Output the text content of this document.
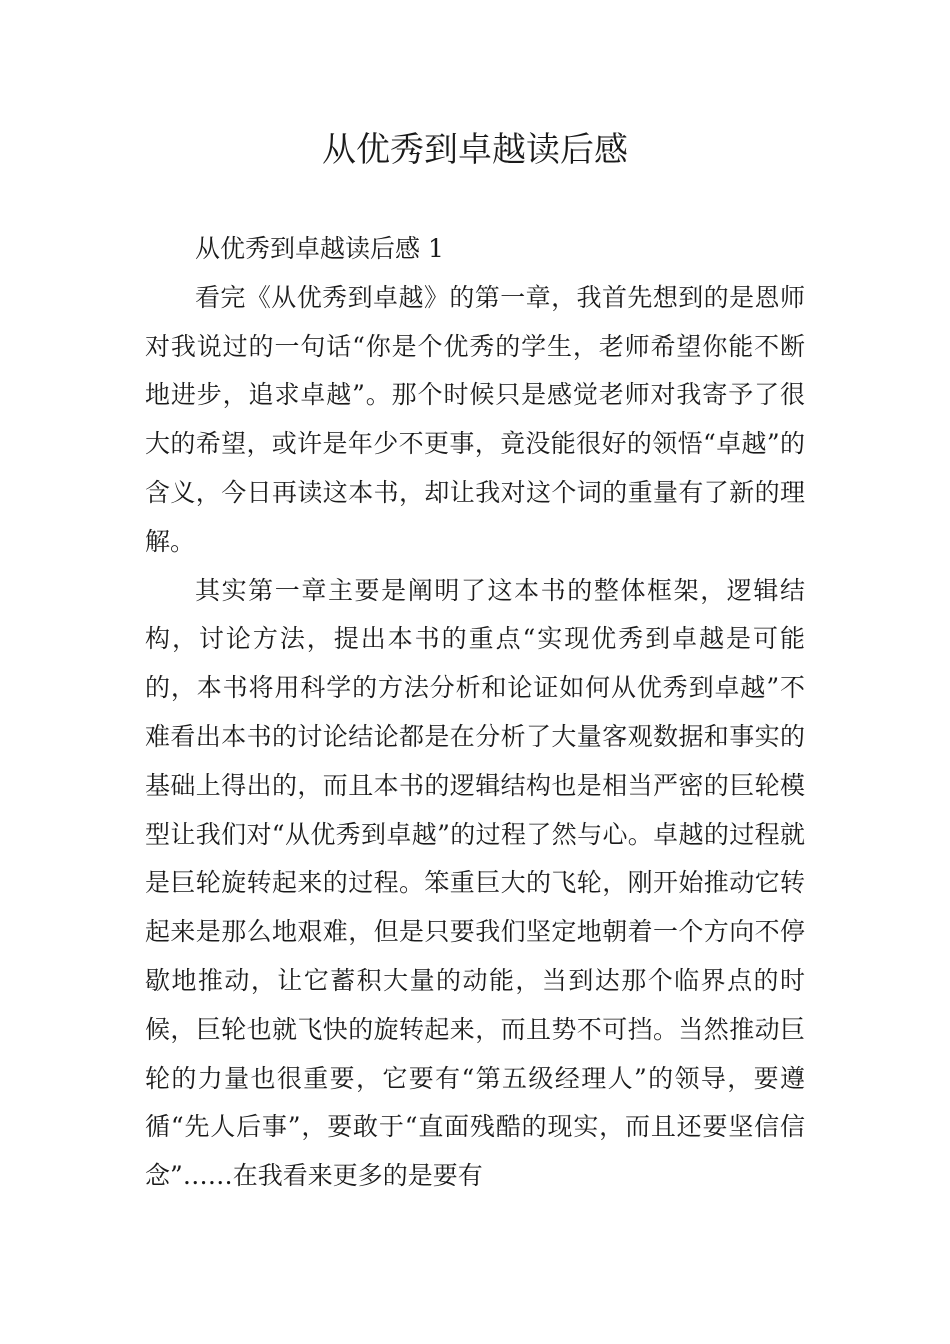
从优秀到卓越读后感

从优秀到卓越读后感 1

看完《从优秀到卓越》的第一章，我首先想到的是恩师对我说过的一句话“你是个优秀的学生，老师希望你能不断地进步，追求卓越”。那个时候只是感觉老师对我寄予了很大的希望，或许是年少不更事，竟没能很好的领悟“卓越”的含义，今日再读这本书，却让我对这个词的重量有了新的理解。

其实第一章主要是阐明了这本书的整体框架，逻辑结构，讨论方法，提出本书的重点“实现优秀到卓越是可能的，本书将用科学的方法分析和论证如何从优秀到卓越”不难看出本书的讨论结论都是在分析了大量客观数据和事实的基础上得出的，而且本书的逻辑结构也是相当严密的巨轮模型让我们对“从优秀到卓越”的过程了然与心。卓越的过程就是巨轮旋转起来的过程。笨重巨大的飞轮，刚开始推动它转起来是那么地艰难，但是只要我们坚定地朝着一个方向不停歇地推动，让它蓄积大量的动能，当到达那个临界点的时候，巨轮也就飞快的旋转起来，而且势不可挡。当然推动巨轮的力量也很重要，它要有“第五级经理人”的领导，要遵循“先人后事”，要敢于“直面残酷的现实，而且还要坚信信念”……在我看来更多的是要有
